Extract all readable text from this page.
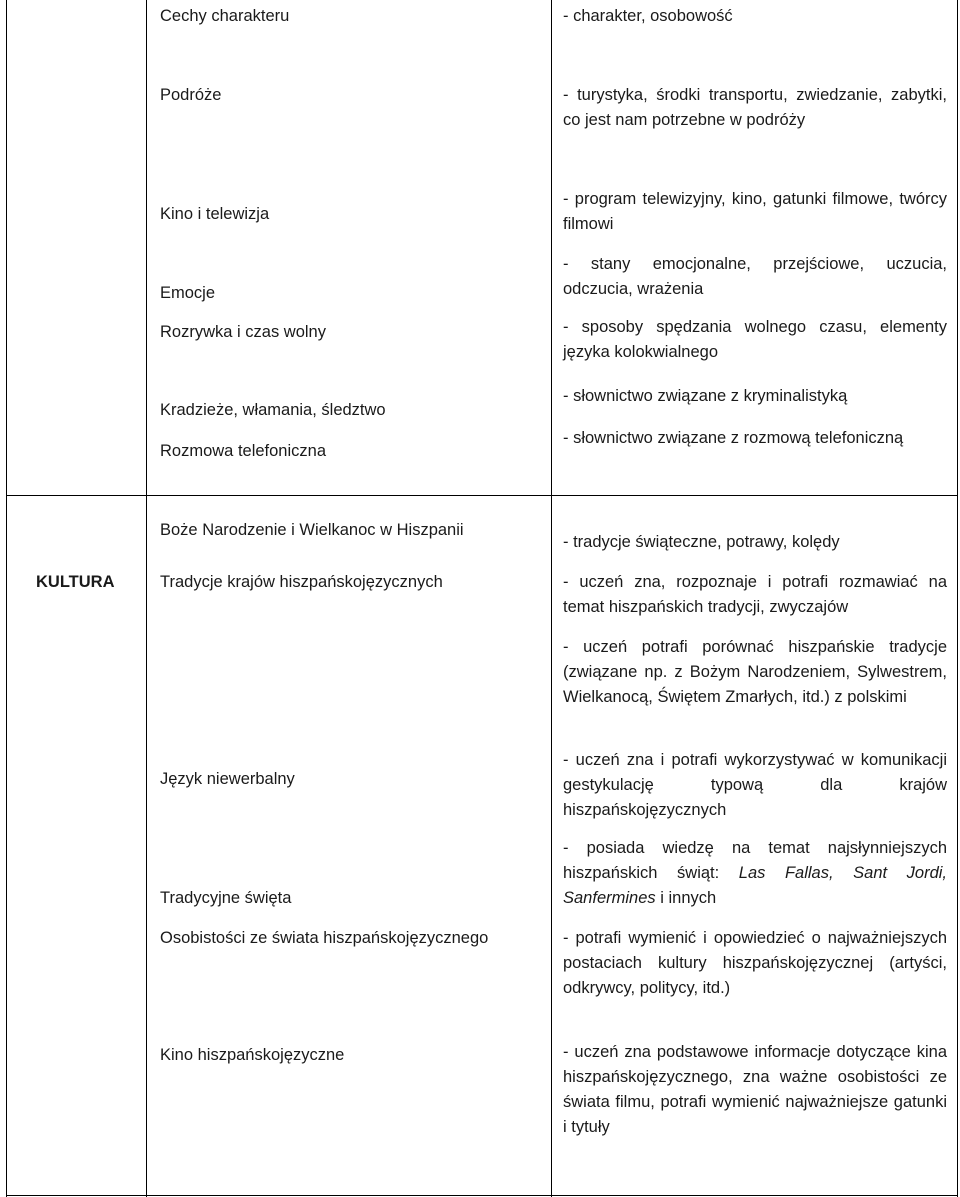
KULTURA
Cechy charakteru
Podróże
Kino i telewizja
Emocje
Rozrywka i czas wolny
Kradzieże, włamania, śledztwo
Rozmowa telefoniczna
- charakter, osobowość
- turystyka, środki transportu, zwiedzanie, zabytki, co jest nam potrzebne w podróży
- program telewizyjny, kino, gatunki filmowe, twórcy filmowi
- stany emocjonalne, przejściowe, uczucia, odczucia, wrażenia
- sposoby spędzania wolnego czasu, elementy języka kolokwialnego
- słownictwo związane z kryminalistyką
- słownictwo związane z rozmową telefoniczną
Boże Narodzenie i Wielkanoc w Hiszpanii
Tradycje krajów hiszpańskojęzycznych
Język niewerbalny
Tradycyjne święta
Osobistości ze świata hiszpańskojęzycznego
Kino hiszpańskojęzyczne
- tradycje świąteczne, potrawy, kolędy
- uczeń zna, rozpoznaje i potrafi rozmawiać na temat hiszpańskich tradycji, zwyczajów
- uczeń potrafi porównać hiszpańskie tradycje (związane np. z Bożym Narodzeniem, Sylwestrem, Wielkanocą, Świętem Zmarłych, itd.) z polskimi
- uczeń zna i potrafi wykorzystywać w komunikacji gestykulację typową dla krajów hiszpańskojęzycznych
- posiada wiedzę na temat najsłynniejszych hiszpańskich świąt: Las Fallas, Sant Jordi, Sanfermines i innych
- potrafi wymienić i opowiedzieć o najważniejszych postaciach kultury hiszpańskojęzycznej (artyści, odkrywcy, politycy, itd.)
- uczeń zna podstawowe informacje dotyczące kina hiszpańskojęzycznego, zna ważne osobistości ze świata filmu, potrafi wymienić najważniejsze gatunki i tytuły
